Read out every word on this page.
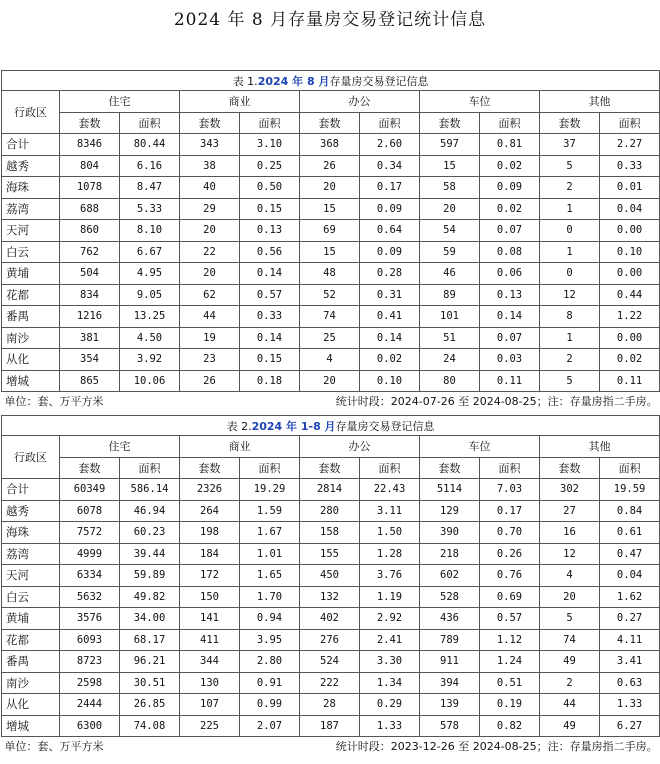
2024 年 8 月存量房交易登记统计信息
表 1.2024 年 8 月存量房交易登记信息										
行政区	住宅		商业		办公		车位		其他	
	套数	面积	套数	面积	套数	面积	套数	面积	套数	面积
合计	8346	80.44	343	3.10	368	2.60	597	0.81	37	2.27
越秀	804	6.16	38	0.25	26	0.34	15	0.02	5	0.33
海珠	1078	8.47	40	0.50	20	0.17	58	0.09	2	0.01
荔湾	688	5.33	29	0.15	15	0.09	20	0.02	1	0.04
天河	860	8.10	20	0.13	69	0.64	54	0.07	0	0.00
白云	762	6.67	22	0.56	15	0.09	59	0.08	1	0.10
黄埔	504	4.95	20	0.14	48	0.28	46	0.06	0	0.00
花都	834	9.05	62	0.57	52	0.31	89	0.13	12	0.44
番禺	1216	13.25	44	0.33	74	0.41	101	0.14	8	1.22
南沙	381	4.50	19	0.14	25	0.14	51	0.07	1	0.00
从化	354	3.92	23	0.15	4	0.02	24	0.03	2	0.02
增城	865	10.06	26	0.18	20	0.10	80	0.11	5	0.11
单位：套、万平方米				统计时段：2024-07-26 至 2024-08-25；注：存量房指二手房。						
表 2.2024 年 1-8 月存量房交易登记信息										
行政区	住宅		商业		办公		车位		其他	
	套数	面积	套数	面积	套数	面积	套数	面积	套数	面积
合计	60349	586.14	2326	19.29	2814	22.43	5114	7.03	302	19.59
越秀	6078	46.94	264	1.59	280	3.11	129	0.17	27	0.84
海珠	7572	60.23	198	1.67	158	1.50	390	0.70	16	0.61
荔湾	4999	39.44	184	1.01	155	1.28	218	0.26	12	0.47
天河	6334	59.89	172	1.65	450	3.76	602	0.76	4	0.04
白云	5632	49.82	150	1.70	132	1.19	528	0.69	20	1.62
黄埔	3576	34.00	141	0.94	402	2.92	436	0.57	5	0.27
花都	6093	68.17	411	3.95	276	2.41	789	1.12	74	4.11
番禺	8723	96.21	344	2.80	524	3.30	911	1.24	49	3.41
南沙	2598	30.51	130	0.91	222	1.34	394	0.51	2	0.63
从化	2444	26.85	107	0.99	28	0.29	139	0.19	44	1.33
增城	6300	74.08	225	2.07	187	1.33	578	0.82	49	6.27
单位：套、万平方米				统计时段：2023-12-26 至 2024-08-25；注：存量房指二手房。						
